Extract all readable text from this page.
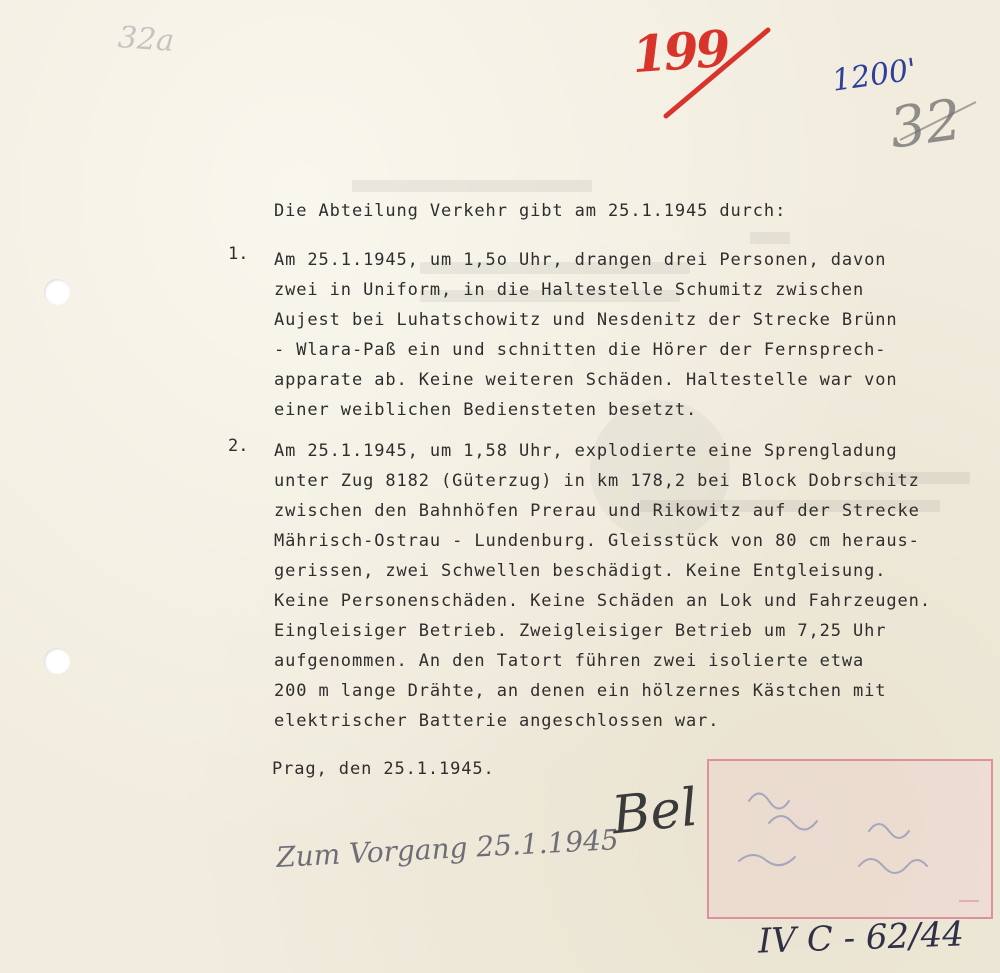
32a	199	1200'
32
Die Abteilung Verkehr gibt am 25.1.1945 durch:
1. Am 25.1.1945, um 1,5o Uhr, drangen drei Personen, davon
zwei in Uniform, in die Haltestelle Schumitz zwischen
Aujest bei Luhatschowitz und Nesdenitz der Strecke Brünn
- Wlara-Paß ein und schnitten die Hörer der Fernsprech-
apparate ab. Keine weiteren Schäden. Haltestelle war von
einer weiblichen Bediensteten besetzt.
2. Am 25.1.1945, um 1,58 Uhr, explodierte eine Sprengladung
unter Zug 8182 (Güterzug) in km 178,2 bei Block Dobrschitz
zwischen den Bahnhöfen Prerau und Rikowitz auf der Strecke
Mährisch-Ostrau - Lundenburg. Gleisstück von 80 cm heraus-
gerissen, zwei Schwellen beschädigt. Keine Entgleisung.
Keine Personenschäden. Keine Schäden an Lok und Fahrzeugen.
Eingleisiger Betrieb. Zweigleisiger Betrieb um 7,25 Uhr
aufgenommen. An den Tatort führen zwei isolierte etwa
200 m lange Drähte, an denen ein hölzernes Kästchen mit
elektrischer Batterie angeschlossen war.
Prag, den 25.1.1945.
Zum Vorgang 25.1.1945
Bel
IV C - 62/44
